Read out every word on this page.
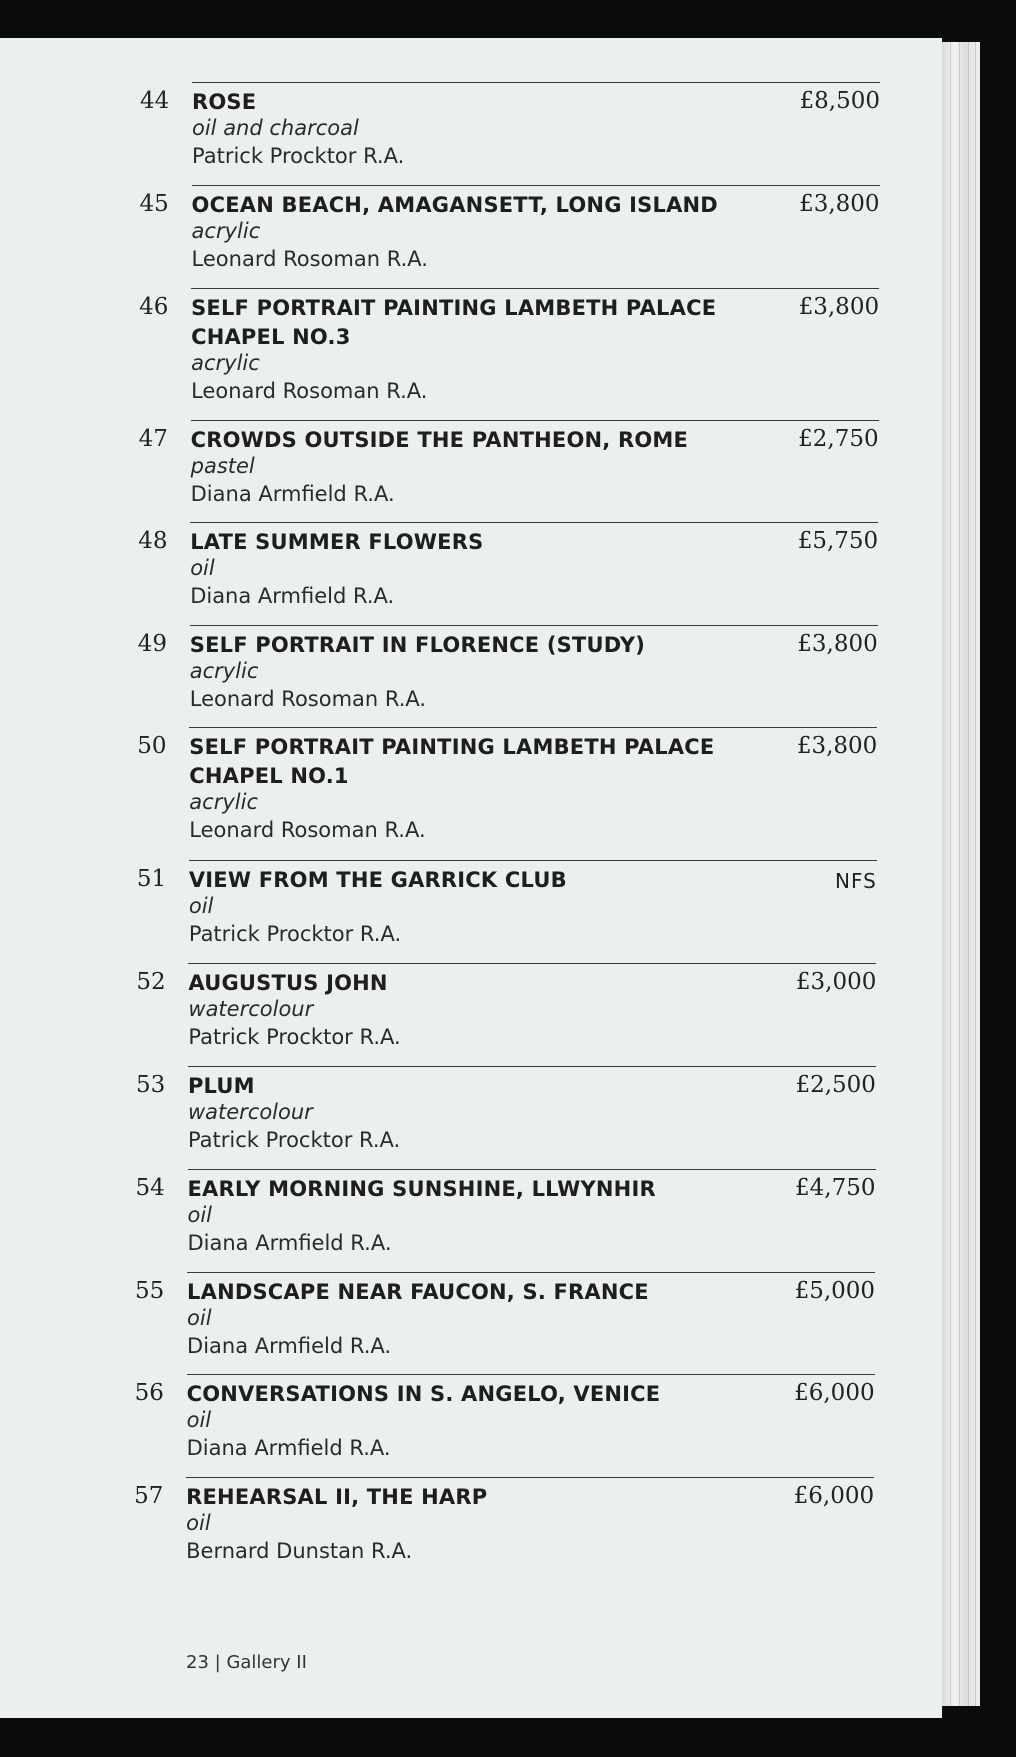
44	ROSE
oil and charcoal
Patrick Procktor R.A.
£8,500
45	OCEAN BEACH, AMAGANSETT, LONG ISLAND
acrylic
Leonard Rosoman R.A.
£3,800
46	SELF PORTRAIT PAINTING LAMBETH PALACE CHAPEL NO.3
acrylic
Leonard Rosoman R.A.
£3,800
47	CROWDS OUTSIDE THE PANTHEON, ROME
pastel
Diana Armfield R.A.
£2,750
48	LATE SUMMER FLOWERS
oil
Diana Armfield R.A.
£5,750
49	SELF PORTRAIT IN FLORENCE (STUDY)
acrylic
Leonard Rosoman R.A.
£3,800
50	SELF PORTRAIT PAINTING LAMBETH PALACE CHAPEL NO.1
acrylic
Leonard Rosoman R.A.
£3,800
51	VIEW FROM THE GARRICK CLUB
oil
Patrick Procktor R.A.
NFS
52	AUGUSTUS JOHN
watercolour
Patrick Procktor R.A.
£3,000
53	PLUM
watercolour
Patrick Procktor R.A.
£2,500
54	EARLY MORNING SUNSHINE, LLWYNHIR
oil
Diana Armfield R.A.
£4,750
55	LANDSCAPE NEAR FAUCON, S. FRANCE
oil
Diana Armfield R.A.
£5,000
56	CONVERSATIONS IN S. ANGELO, VENICE
oil
Diana Armfield R.A.
£6,000
57	REHEARSAL II, THE HARP
oil
Bernard Dunstan R.A.
£6,000
23 | Gallery II
